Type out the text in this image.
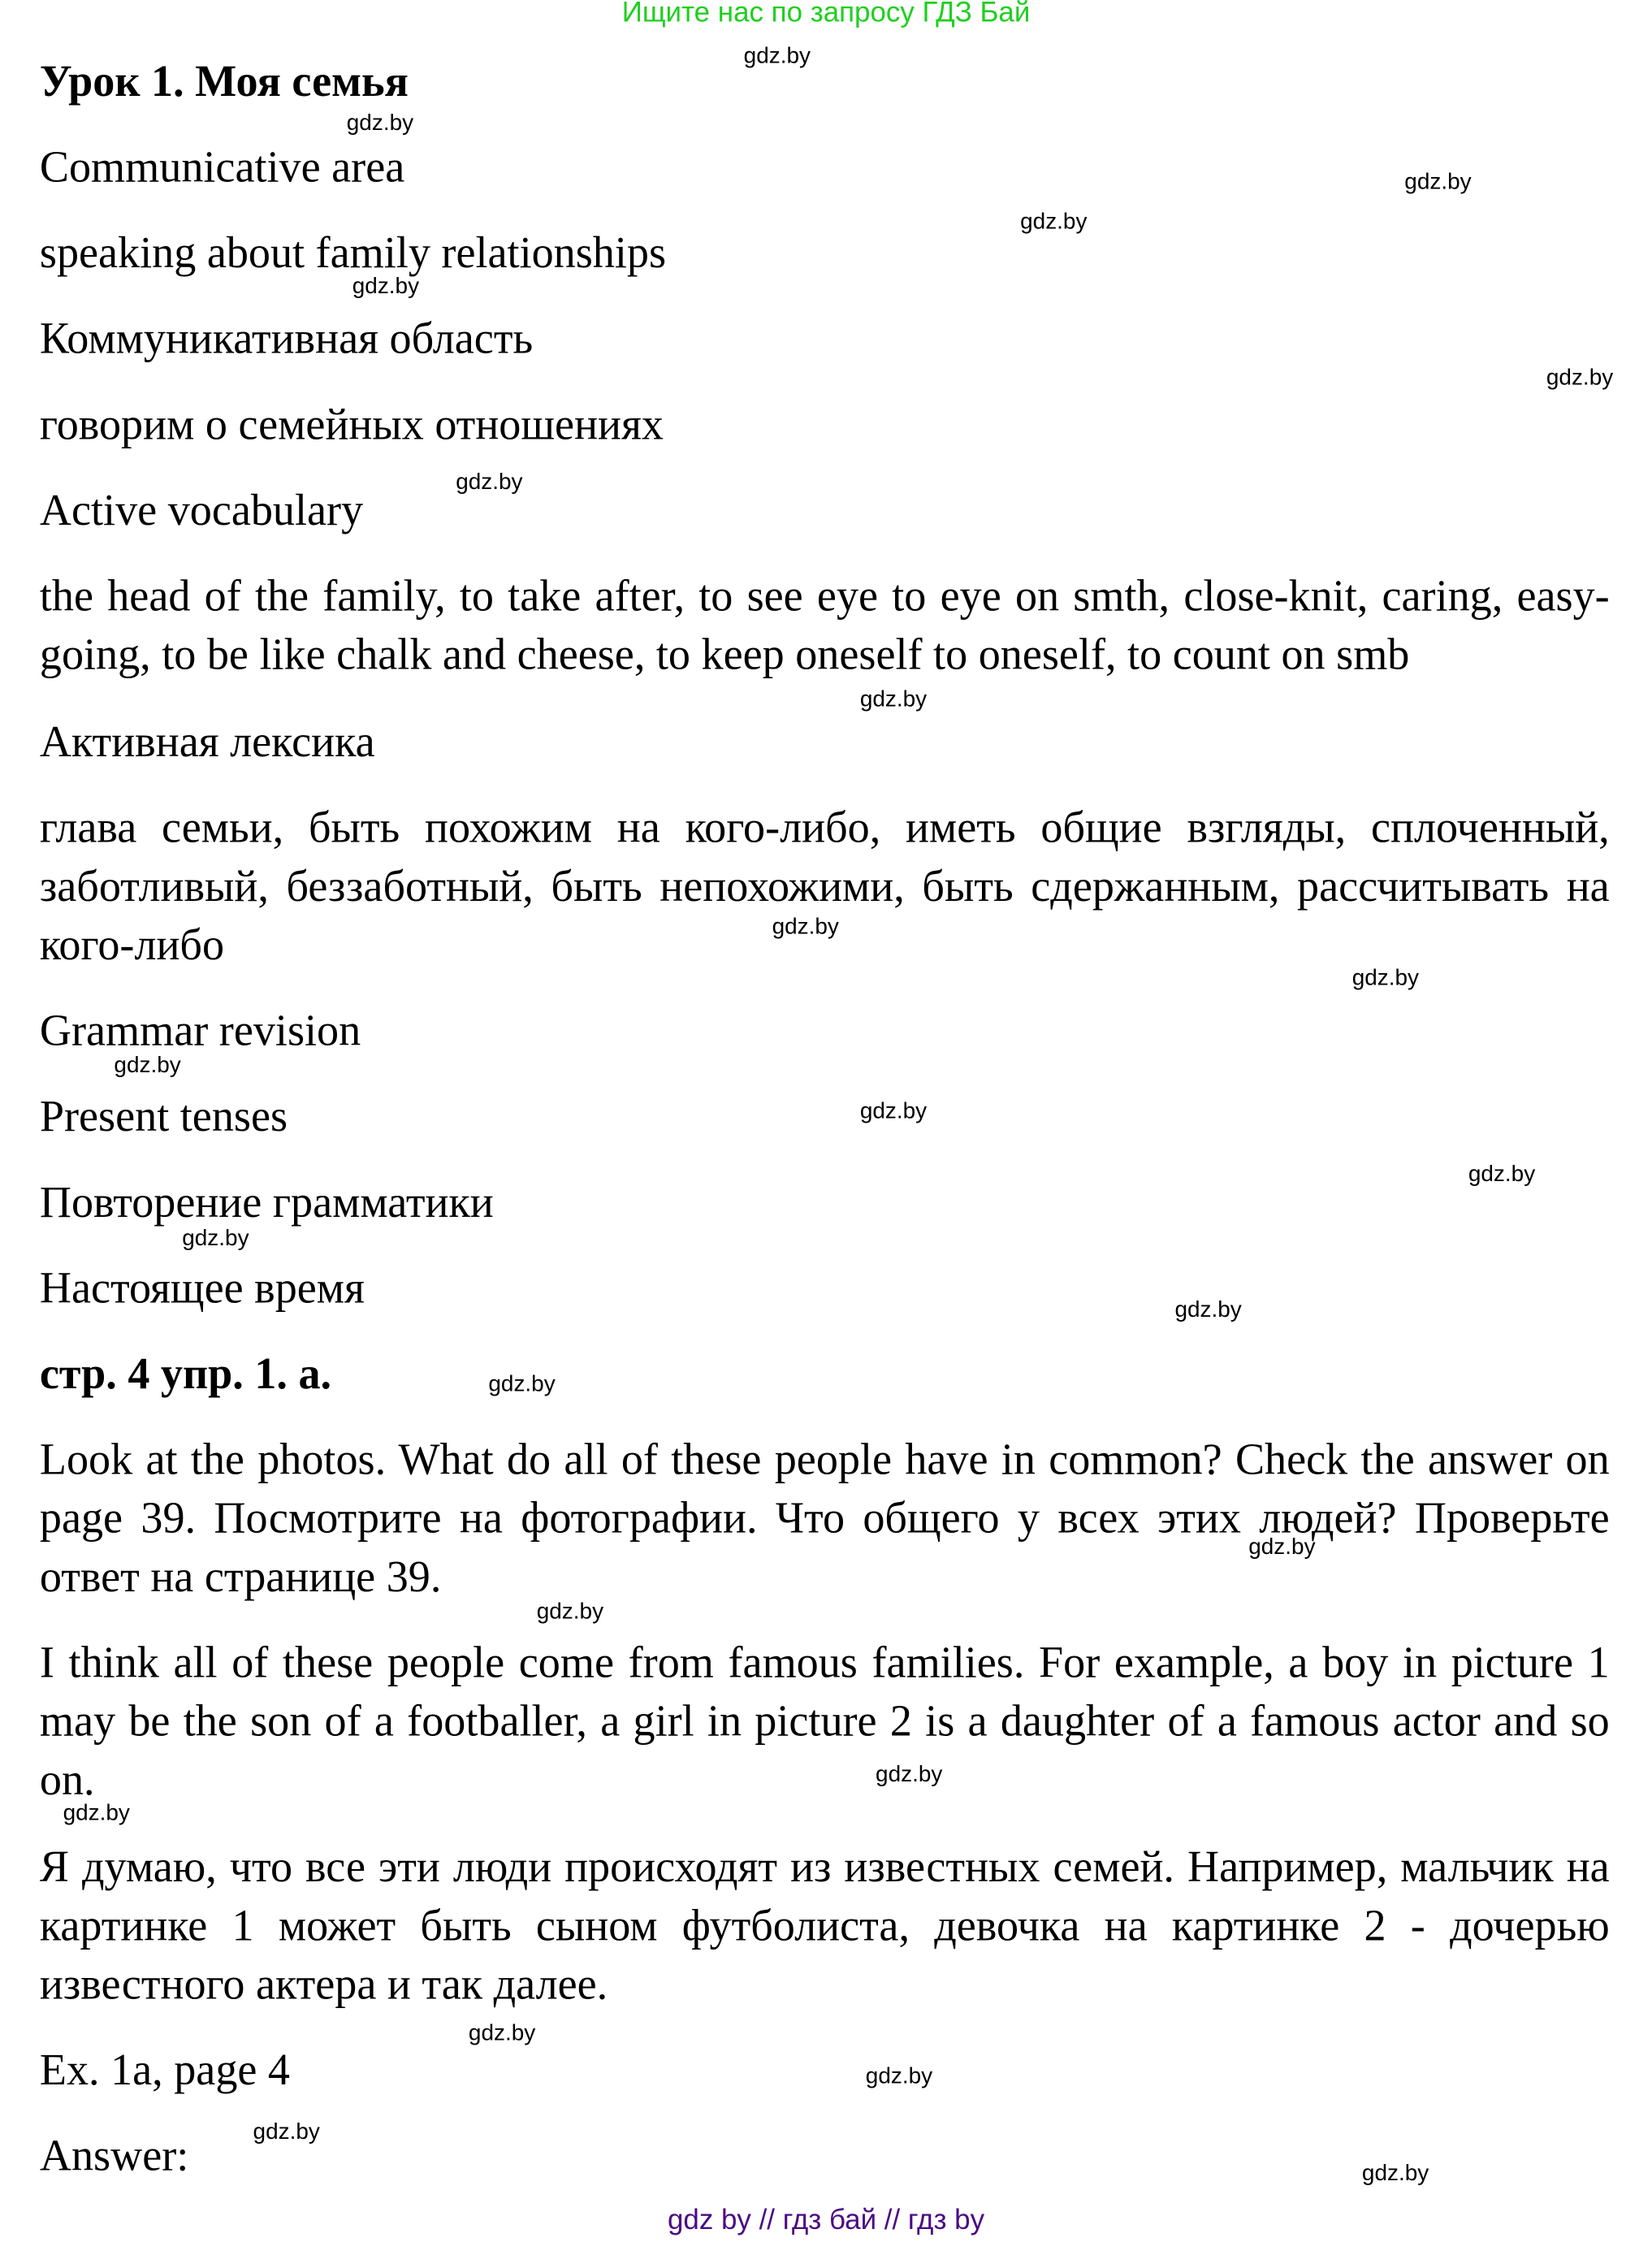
Ищите нас по запросу ГДЗ Бай

Урок 1. Моя семья

Communicative area

speaking about family relationships

Коммуникативная область

говорим о семейных отношениях

Active vocabulary

the head of the family, to take after, to see eye to eye on smth, close-knit, caring, easy-going, to be like chalk and cheese, to keep oneself to oneself, to count on smb

Активная лексика

глава семьи, быть похожим на кого-либо, иметь общие взгляды, сплоченный, заботливый, беззаботный, быть непохожими, быть сдержанным, рассчитывать на кого-либо

Grammar revision

Present tenses

Повторение грамматики

Настоящее время

стр. 4 упр. 1. а.

Look at the photos. What do all of these people have in common? Check the answer on page 39. Посмотрите на фотографии. Что общего у всех этих людей? Проверьте ответ на странице 39.

I think all of these people come from famous families. For example, a boy in picture 1 may be the son of a footballer, a girl in picture 2 is a daughter of a famous actor and so on.

Я думаю, что все эти люди происходят из известных семей. Например, мальчик на картинке 1 может быть сыном футболиста, девочка на картинке 2 - дочерью известного актера и так далее.

Ex. 1a, page 4

Answer:

gdz by // гдз бай // гдз by
gdz.by
gdz.by
gdz.by
gdz.by
gdz.by
gdz.by
gdz.by
gdz.by
gdz.by
gdz.by
gdz.by
gdz.by
gdz.by
gdz.by
gdz.by
gdz.by
gdz.by
gdz.by
gdz.by
gdz.by
gdz.by
gdz.by
gdz.by
gdz.by
